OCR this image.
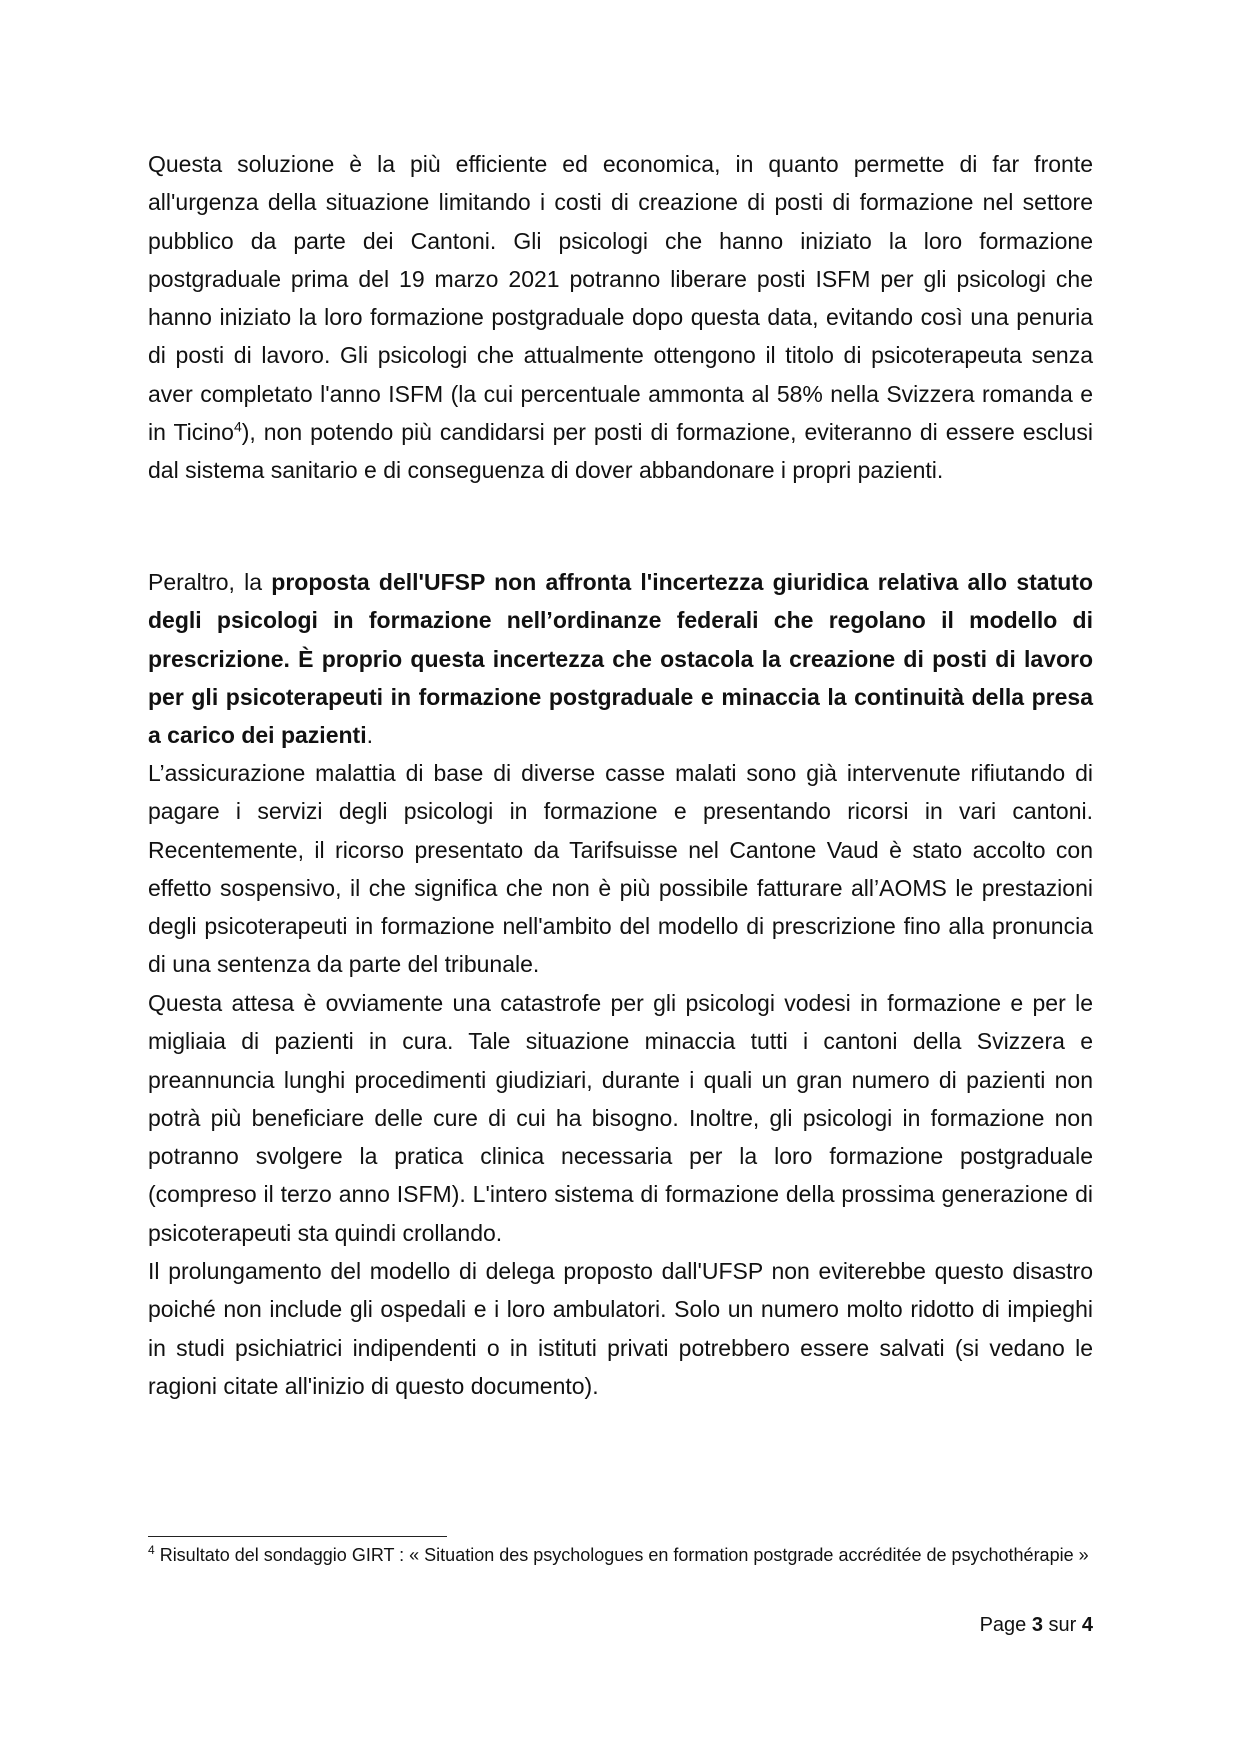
Questa soluzione è la più efficiente ed economica, in quanto permette di far fronte all'urgenza della situazione limitando i costi di creazione di posti di formazione nel settore pubblico da parte dei Cantoni. Gli psicologi che hanno iniziato la loro formazione postgraduale prima del 19 marzo 2021 potranno liberare posti ISFM per gli psicologi che hanno iniziato la loro formazione postgraduale dopo questa data, evitando così una penuria di posti di lavoro. Gli psicologi che attualmente ottengono il titolo di psicoterapeuta senza aver completato l'anno ISFM (la cui percentuale ammonta al 58% nella Svizzera romanda e in Ticino$^4$), non potendo più candidarsi per posti di formazione, eviteranno di essere esclusi dal sistema sanitario e di conseguenza di dover abbandonare i propri pazienti.

Peraltro, la proposta dell'UFSP non affronta l'incertezza giuridica relativa allo statuto degli psicologi in formazione nell’ordinanze federali che regolano il modello di prescrizione. È proprio questa incertezza che ostacola la creazione di posti di lavoro per gli psicoterapeuti in formazione postgraduale e minaccia la continuità della presa a carico dei pazienti.

L’assicurazione malattia di base di diverse casse malati sono già intervenute rifiutando di pagare i servizi degli psicologi in formazione e presentando ricorsi in vari cantoni. Recentemente, il ricorso presentato da Tarifsuisse nel Cantone Vaud è stato accolto con effetto sospensivo, il che significa che non è più possibile fatturare all’AOMS le prestazioni degli psicoterapeuti in formazione nell'ambito del modello di prescrizione fino alla pronuncia di una sentenza da parte del tribunale.

Questa attesa è ovviamente una catastrofe per gli psicologi vodesi in formazione e per le migliaia di pazienti in cura. Tale situazione minaccia tutti i cantoni della Svizzera e preannuncia lunghi procedimenti giudiziari, durante i quali un gran numero di pazienti non potrà più beneficiare delle cure di cui ha bisogno. Inoltre, gli psicologi in formazione non potranno svolgere la pratica clinica necessaria per la loro formazione postgraduale (compreso il terzo anno ISFM). L'intero sistema di formazione della prossima generazione di psicoterapeuti sta quindi crollando.

Il prolungamento del modello di delega proposto dall'UFSP non eviterebbe questo disastro poiché non include gli ospedali e i loro ambulatori. Solo un numero molto ridotto di impieghi in studi psichiatrici indipendenti o in istituti privati potrebbero essere salvati (si vedano le ragioni citate all'inizio di questo documento).

$^4$ Risultato del sondaggio GIRT : « Situation des psychologues en formation postgrade accréditée de psychothérapie »

Page 3 sur 4
